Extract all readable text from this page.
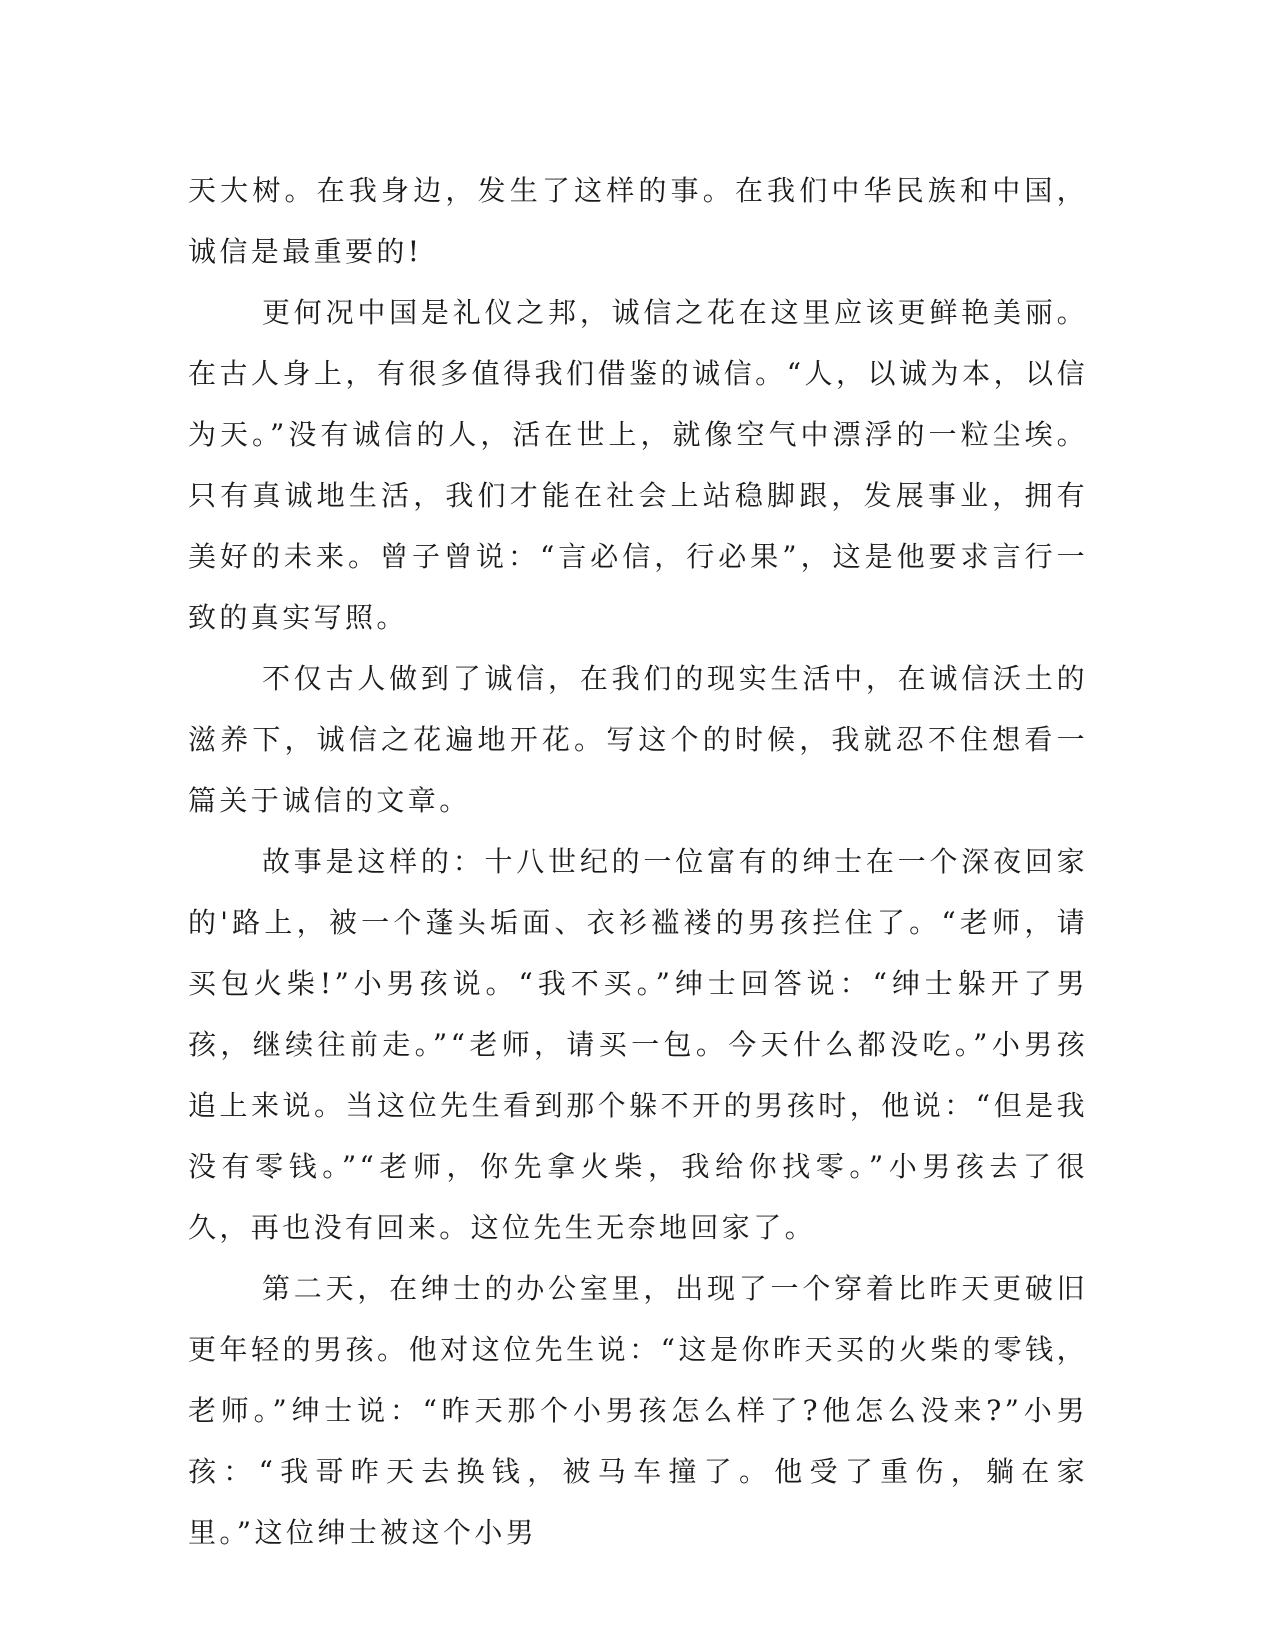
天大树。在我身边，发生了这样的事。在我们中华民族和中国，诚信是最重要的!

更何况中国是礼仪之邦，诚信之花在这里应该更鲜艳美丽。在古人身上，有很多值得我们借鉴的诚信。“人，以诚为本，以信为天。”没有诚信的人，活在世上，就像空气中漂浮的一粒尘埃。只有真诚地生活，我们才能在社会上站稳脚跟，发展事业，拥有美好的未来。曾子曾说：“言必信，行必果”，这是他要求言行一致的真实写照。

不仅古人做到了诚信，在我们的现实生活中，在诚信沃土的滋养下，诚信之花遍地开花。写这个的时候，我就忍不住想看一篇关于诚信的文章。

故事是这样的：十八世纪的一位富有的绅士在一个深夜回家的'路上，被一个蓬头垢面、衣衫褴褛的男孩拦住了。“老师，请买包火柴!”小男孩说。“我不买。”绅士回答说：“绅士躲开了男孩，继续往前走。”“老师，请买一包。今天什么都没吃。”小男孩追上来说。当这位先生看到那个躲不开的男孩时，他说：“但是我没有零钱。”“老师，你先拿火柴，我给你找零。”小男孩去了很久，再也没有回来。这位先生无奈地回家了。

第二天，在绅士的办公室里，出现了一个穿着比昨天更破旧更年轻的男孩。他对这位先生说：“这是你昨天买的火柴的零钱，老师。”绅士说：“昨天那个小男孩怎么样了?他怎么没来?”小男孩：“我哥昨天去换钱，被马车撞了。他受了重伤，躺在家里。”这位绅士被这个小男
